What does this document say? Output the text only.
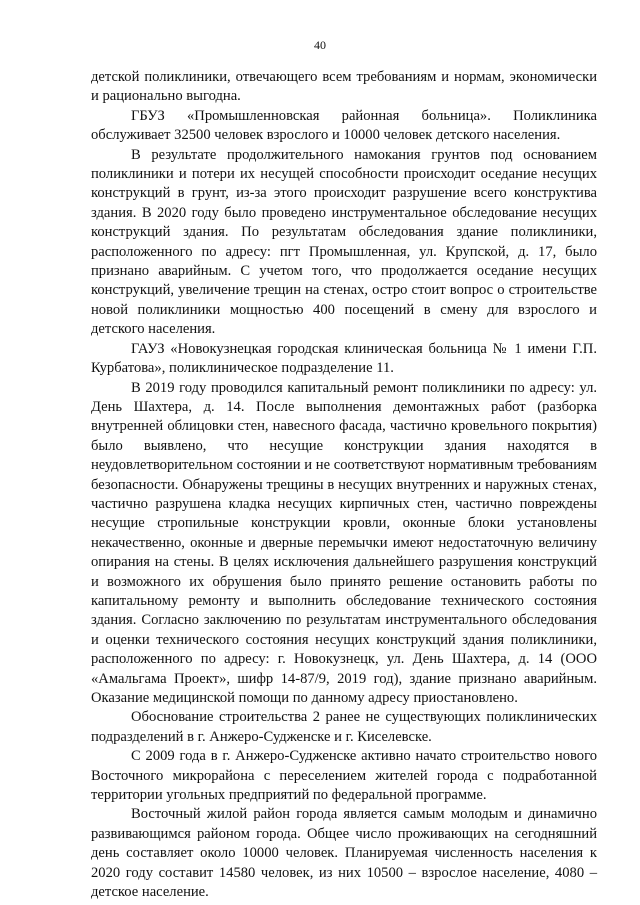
40

детской поликлиники, отвечающего всем требованиям и нормам, экономически и рационально выгодна.

ГБУЗ «Промышленновская районная больница». Поликлиника обслуживает 32500 человек взрослого и 10000 человек детского населения.

В результате продолжительного намокания грунтов под основанием поликлиники и потери их несущей способности происходит оседание несущих конструкций в грунт, из-за этого происходит разрушение всего конструктива здания. В 2020 году было проведено инструментальное обследование несущих конструкций здания. По результатам обследования здание поликлиники, расположенного по адресу: пгт Промышленная, ул. Крупской, д. 17, было признано аварийным. С учетом того, что продолжается оседание несущих конструкций, увеличение трещин на стенах, остро стоит вопрос о строительстве новой поликлиники мощностью 400 посещений в смену для взрослого и детского населения.

ГАУЗ «Новокузнецкая городская клиническая больница № 1 имени Г.П. Курбатова», поликлиническое подразделение 11.

В 2019 году проводился капитальный ремонт поликлиники по адресу: ул. День Шахтера, д. 14. После выполнения демонтажных работ (разборка внутренней облицовки стен, навесного фасада, частично кровельного покрытия) было выявлено, что несущие конструкции здания находятся в неудовлетворительном состоянии и не соответствуют нормативным требованиям безопасности. Обнаружены трещины в несущих внутренних и наружных стенах, частично разрушена кладка несущих кирпичных стен, частично повреждены несущие стропильные конструкции кровли, оконные блоки установлены некачественно, оконные и дверные перемычки имеют недостаточную величину опирания на стены. В целях исключения дальнейшего разрушения конструкций и возможного их обрушения было принято решение остановить работы по капитальному ремонту и выполнить обследование технического состояния здания. Согласно заключению по результатам инструментального обследования и оценки технического состояния несущих конструкций здания поликлиники, расположенного по адресу: г. Новокузнецк, ул. День Шахтера, д. 14 (ООО «Амальгама Проект», шифр 14-87/9, 2019 год), здание признано аварийным. Оказание медицинской помощи по данному адресу приостановлено.

Обоснование строительства 2 ранее не существующих поликлинических подразделений в г. Анжеро-Судженске и г. Киселевске.

С 2009 года в г. Анжеро-Судженске активно начато строительство нового Восточного микрорайона с переселением жителей города с подработанной территории угольных предприятий по федеральной программе.

Восточный жилой район города является самым молодым и динамично развивающимся районом города. Общее число проживающих на сегодняшний день составляет около 10000 человек. Планируемая численность населения к 2020 году составит 14580 человек, из них 10500 – взрослое население, 4080 – детское население.
